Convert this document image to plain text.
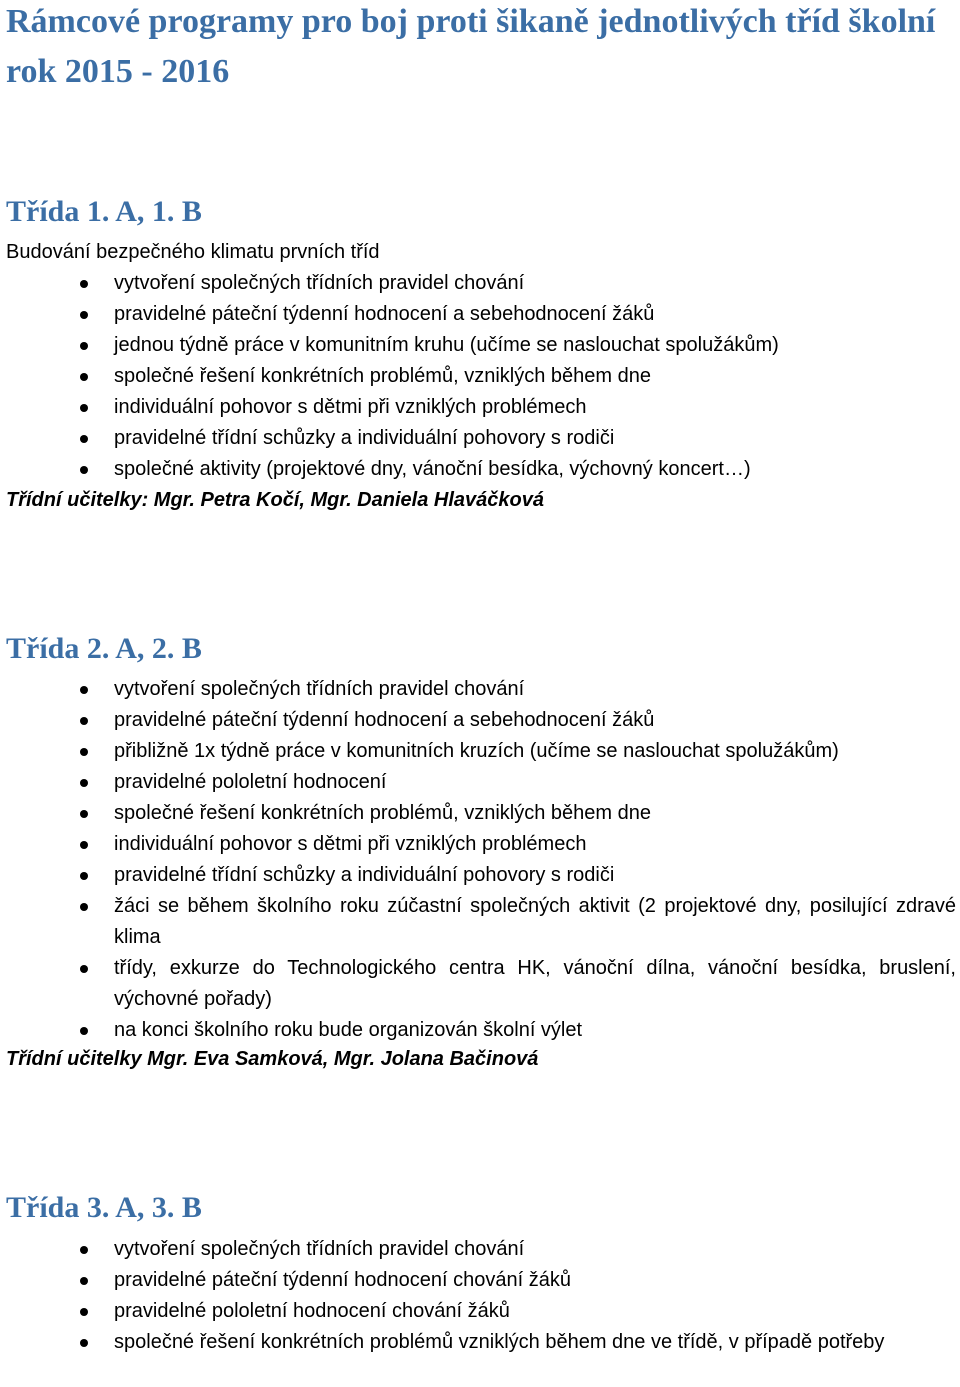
Rámcové programy pro boj proti šikaně jednotlivých tříd školní rok 2015 - 2016
Třída 1. A, 1. B

Budování bezpečného klimatu prvních tříd

vytvoření společných třídních pravidel chování
pravidelné páteční týdenní hodnocení a sebehodnocení žáků
jednou týdně práce v komunitním kruhu (učíme se naslouchat spolužákům)
společné řešení konkrétních problémů, vzniklých během dne
individuální pohovor s dětmi při vzniklých problémech
pravidelné třídní schůzky a individuální pohovory s rodiči
společné aktivity (projektové dny, vánoční besídka, výchovný koncert…)

Třídní učitelky: Mgr. Petra Kočí, Mgr. Daniela Hlaváčková

Třída 2. A, 2. B
vytvoření společných třídních pravidel chování
pravidelné páteční týdenní hodnocení a sebehodnocení žáků
přibližně 1x týdně práce v komunitních kruzích (učíme se naslouchat spolužákům)
pravidelné pololetní hodnocení
společné řešení konkrétních problémů, vzniklých během dne
individuální pohovor s dětmi při vzniklých problémech
pravidelné třídní schůzky a individuální pohovory s rodiči
žáci se během školního roku zúčastní společných aktivit (2 projektové dny, posilující zdravé klima
třídy, exkurze do Technologického centra HK, vánoční dílna, vánoční besídka, bruslení, výchovné pořady)
na konci školního roku bude organizován školní výlet

Třídní učitelky Mgr. Eva Samková, Mgr. Jolana Bačinová

Třída 3. A, 3. B
vytvoření společných třídních pravidel chování
pravidelné páteční týdenní hodnocení chování žáků
pravidelné pololetní hodnocení chování žáků
společné řešení konkrétních problémů vzniklých během dne ve třídě, v případě potřeby
